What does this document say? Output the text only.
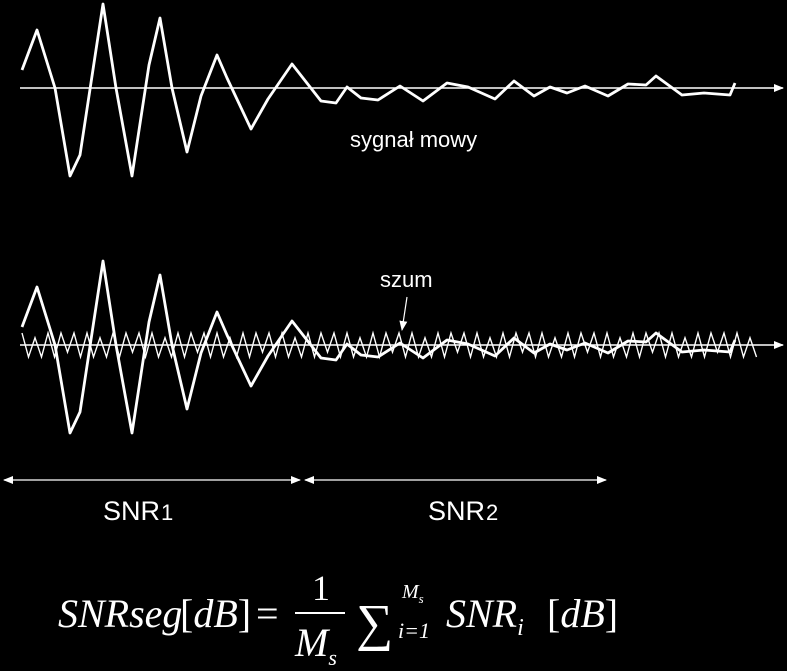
sygnał mowy
szum
SNR1	SNR2
SNRseg
[dB] =
1
$M_s$
∑
$M_s$
i=1 $SNR_i$ [dB]
